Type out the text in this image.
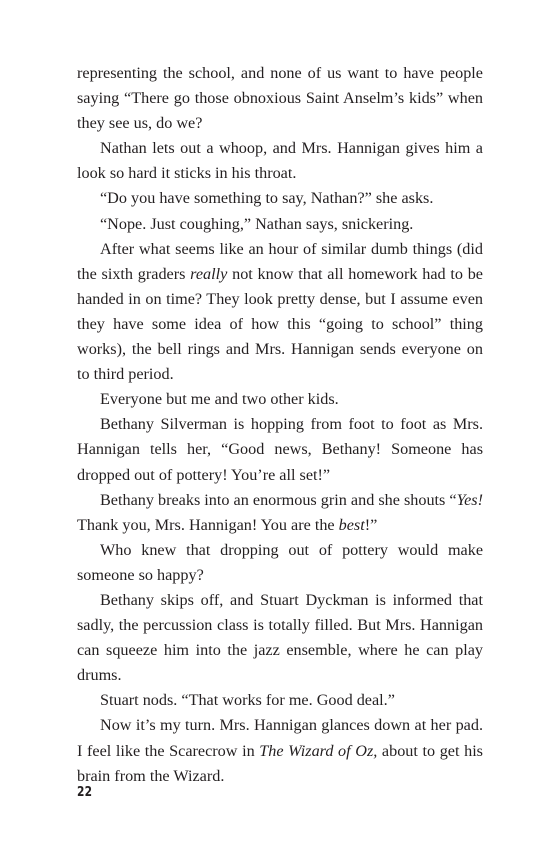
representing the school, and none of us want to have people saying “There go those obnoxious Saint Anselm’s kids” when they see us, do we?

Nathan lets out a whoop, and Mrs. Hannigan gives him a look so hard it sticks in his throat.

“Do you have something to say, Nathan?” she asks.

“Nope. Just coughing,” Nathan says, snickering.

After what seems like an hour of similar dumb things (did the sixth graders really not know that all homework had to be handed in on time? They look pretty dense, but I assume even they have some idea of how this “going to school” thing works), the bell rings and Mrs. Hannigan sends everyone on to third period.

Everyone but me and two other kids.

Bethany Silverman is hopping from foot to foot as Mrs. Hannigan tells her, “Good news, Bethany! Someone has dropped out of pottery! You’re all set!”

Bethany breaks into an enormous grin and she shouts “Yes! Thank you, Mrs. Hannigan! You are the best!”

Who knew that dropping out of pottery would make someone so happy?

Bethany skips off, and Stuart Dyckman is informed that sadly, the percussion class is totally filled. But Mrs. Hannigan can squeeze him into the jazz ensemble, where he can play drums.

Stuart nods. “That works for me. Good deal.”

Now it’s my turn. Mrs. Hannigan glances down at her pad. I feel like the Scarecrow in The Wizard of Oz, about to get his brain from the Wizard.

22
